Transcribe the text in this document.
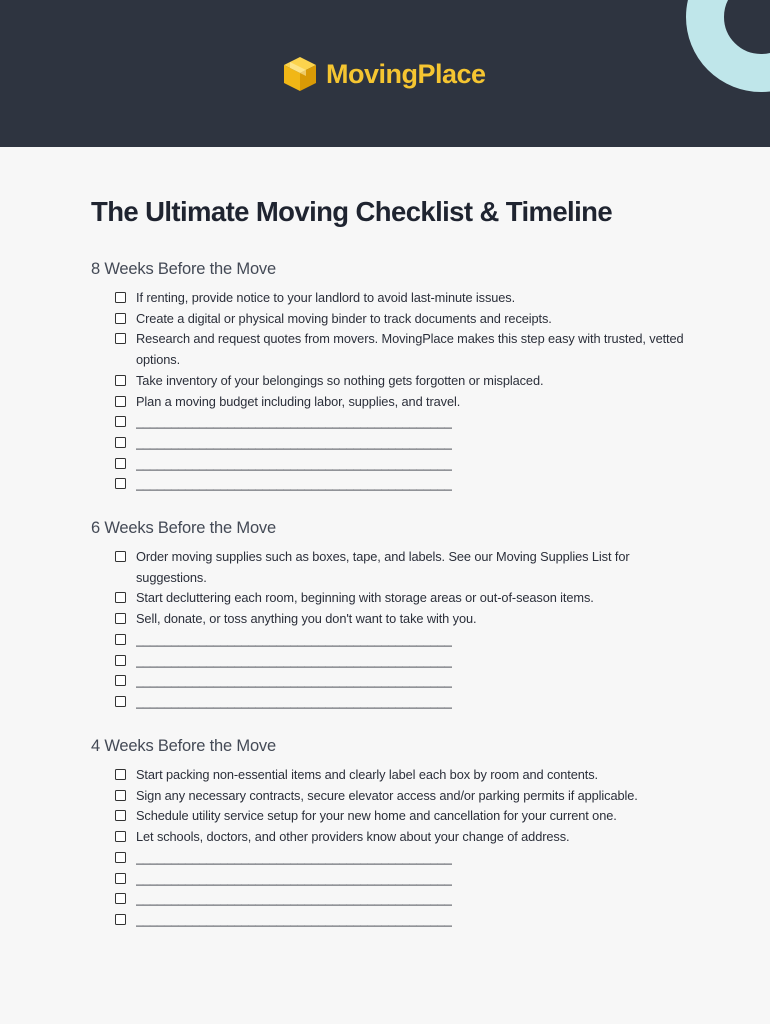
MovingPlace
The Ultimate Moving Checklist & Timeline
8 Weeks Before the Move
If renting, provide notice to your landlord to avoid last-minute issues.
Create a digital or physical moving binder to track documents and receipts.
Research and request quotes from movers. MovingPlace makes this step easy with trusted, vetted options.
Take inventory of your belongings so nothing gets forgotten or misplaced.
Plan a moving budget including labor, supplies, and travel.
_____________________________________________
_____________________________________________
_____________________________________________
_____________________________________________
6 Weeks Before the Move
Order moving supplies such as boxes, tape, and labels. See our Moving Supplies List for suggestions.
Start decluttering each room, beginning with storage areas or out-of-season items.
Sell, donate, or toss anything you don't want to take with you.
_____________________________________________
_____________________________________________
_____________________________________________
_____________________________________________
4 Weeks Before the Move
Start packing non-essential items and clearly label each box by room and contents.
Sign any necessary contracts, secure elevator access and/or parking permits if applicable.
Schedule utility service setup for your new home and cancellation for your current one.
Let schools, doctors, and other providers know about your change of address.
_____________________________________________
_____________________________________________
_____________________________________________
_____________________________________________
